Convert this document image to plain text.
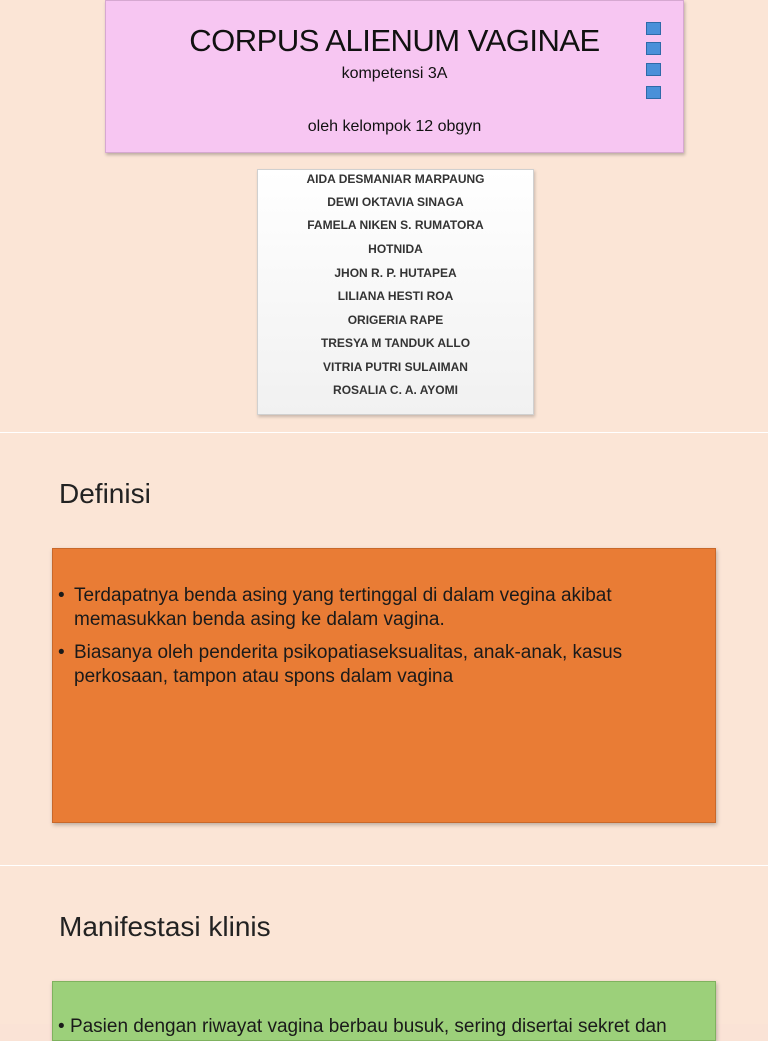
CORPUS ALIENUM VAGINAE
kompetensi 3A
oleh kelompok 12 obgyn
AIDA DESMANIAR MARPAUNG
DEWI OKTAVIA SINAGA
FAMELA NIKEN S. RUMATORA
HOTNIDA
JHON R. P. HUTAPEA
LILIANA HESTI ROA
ORIGERIA RAPE
TRESYA M TANDUK ALLO
VITRIA PUTRI SULAIMAN
ROSALIA C. A. AYOMI
Definisi
• Terdapatnya benda asing yang tertinggal di dalam vegina akibat memasukkan benda asing ke dalam vagina.
• Biasanya oleh penderita psikopatiaseksualitas, anak-anak, kasus perkosaan, tampon atau spons dalam vagina
Manifestasi klinis
• Pasien dengan riwayat vagina berbau busuk, sering disertai sekret dan
